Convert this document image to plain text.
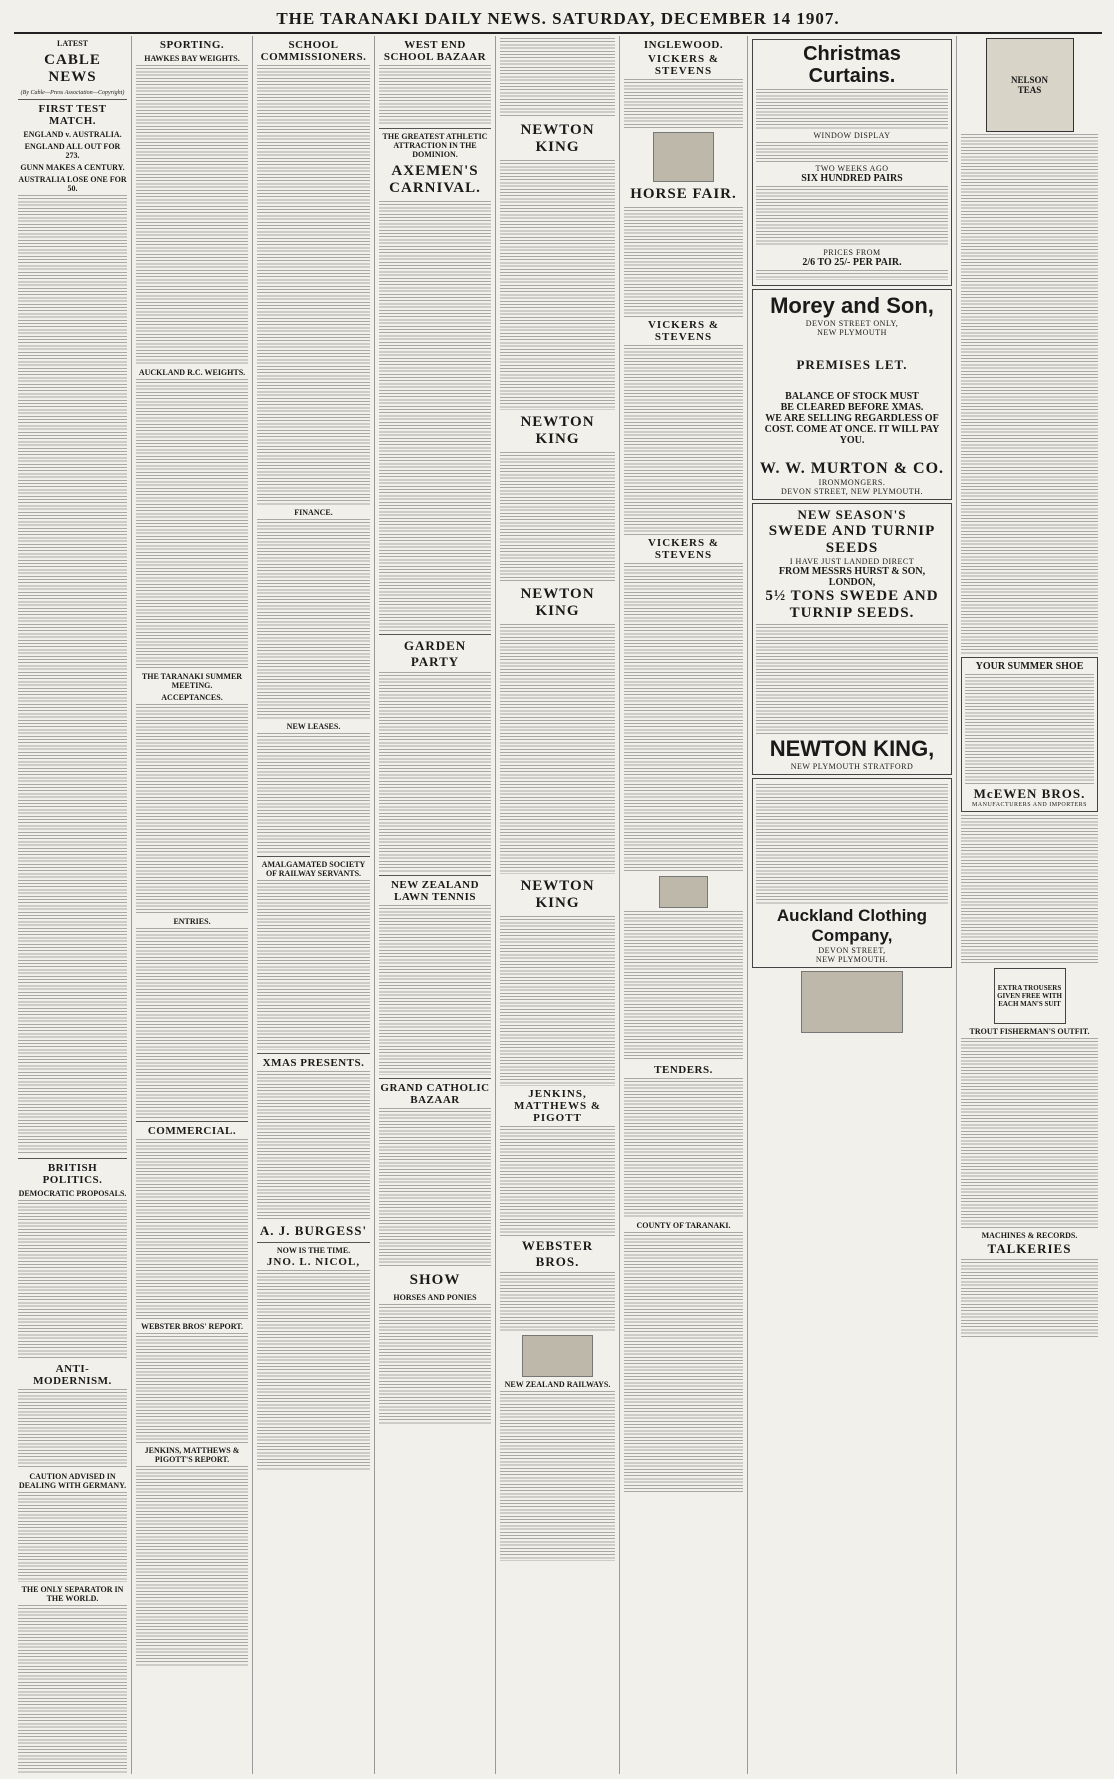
THE TARANAKI DAILY NEWS. SATURDAY, DECEMBER 14 1907.
LATEST
CABLE NEWS
(By Cable—Press Association—Copyright)
FIRST TEST MATCH.
ENGLAND v. AUSTRALIA.
ENGLAND ALL OUT FOR 273.
GUNN MAKES A CENTURY.
AUSTRALIA LOSE ONE FOR 50.
BRITISH POLITICS.
DEMOCRATIC PROPOSALS.
ANTI-MODERNISM.
CAUTION ADVISED IN DEALING WITH GERMANY.
THE ONLY SEPARATOR IN THE WORLD.
SPORTING.
HAWKES BAY WEIGHTS.
AUCKLAND R.C. WEIGHTS.
THE TARANAKI SUMMER MEETING.
ACCEPTANCES.
ENTRIES.
COMMERCIAL.
WEBSTER BROS' REPORT.
JENKINS, MATTHEWS & PIGOTT'S REPORT.
SCHOOL COMMISSIONERS.
FINANCE.
NEW LEASES.
AMALGAMATED SOCIETY OF RAILWAY SERVANTS.
XMAS PRESENTS.
A. J. BURGESS'
NOW IS THE TIME.
JNO. L. NICOL,
WEST END SCHOOL BAZAAR
THE GREATEST ATHLETIC ATTRACTION IN THE DOMINION.
AXEMEN'S CARNIVAL.
GARDEN PARTY
NEW ZEALAND LAWN TENNIS
GRAND CATHOLIC BAZAAR
SHOW
HORSES AND PONIES
NEWTON KING
NEWTON KING
NEWTON KING
NEWTON KING
JENKINS, MATTHEWS & PIGOTT
WEBSTER BROS.
NEW ZEALAND RAILWAYS.
INGLEWOOD.
VICKERS & STEVENS
HORSE FAIR.
VICKERS & STEVENS
VICKERS & STEVENS
TENDERS.
COUNTY OF TARANAKI.
Christmas
Curtains.
WINDOW DISPLAY
TWO WEEKS AGO
SIX HUNDRED PAIRS
PRICES FROM
2/6 TO 25/- PER PAIR.
Morey and Son,
DEVON STREET ONLY,
NEW PLYMOUTH
PREMISES LET.
BALANCE OF STOCK MUST
BE CLEARED BEFORE XMAS.
WE ARE SELLING REGARDLESS OF COST. COME AT ONCE. IT WILL PAY YOU.
W. W. MURTON & CO.
IRONMONGERS.
DEVON STREET, NEW PLYMOUTH.
NEW SEASON'S
SWEDE AND TURNIP SEEDS
I HAVE JUST LANDED DIRECT
FROM MESSRS HURST & SON, LONDON,
5½ TONS SWEDE AND TURNIP SEEDS.
NEWTON KING,
NEW PLYMOUTH STRATFORD
Auckland Clothing Company,
DEVON STREET,
NEW PLYMOUTH.
NELSON
TEAS
YOUR SUMMER SHOE
McEWEN BROS.
MANUFACTURERS AND IMPORTERS
EXTRA TROUSERS GIVEN FREE WITH EACH MAN'S SUIT
TROUT FISHERMAN'S OUTFIT.
MACHINES & RECORDS.
TALKERIES
